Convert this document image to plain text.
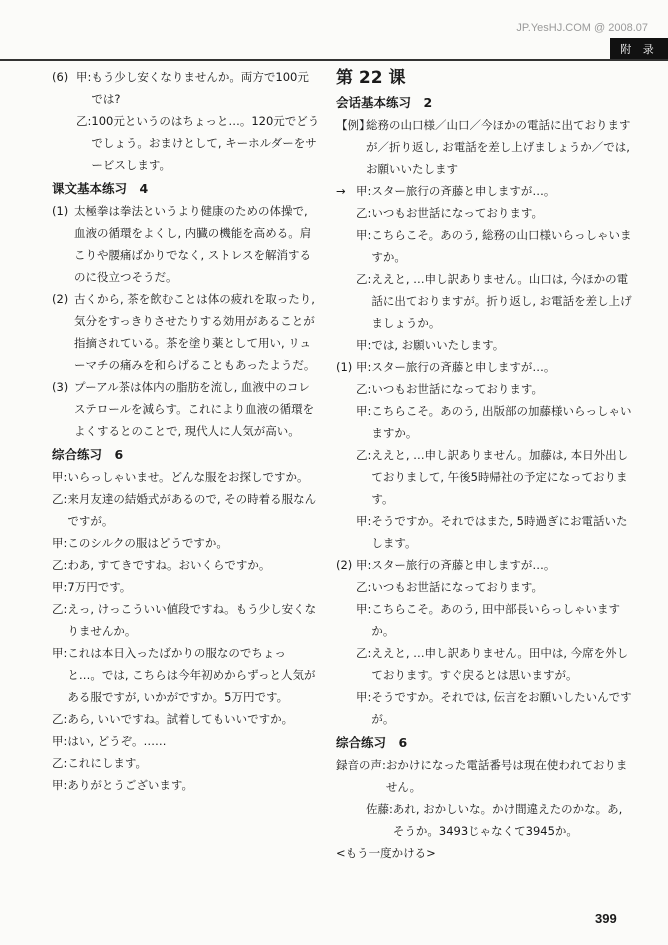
JP.YesHJ.COM @ 2008.07
附 录
(6) 甲: もう少し安くなりませんか。両方で100元では?
乙: 100元というのはちょっと…。120元でどうでしょう。おまけとして, キーホルダーをサービスします。
课文基本练习　4
(1) 太極拳は拳法というより健康のための体操で, 血液の循環をよくし, 内臓の機能を高める。肩こりや腰痛ばかりでなく, ストレスを解消するのに役立つそうだ。
(2) 古くから, 茶を飲むことは体の疲れを取ったり, 気分をすっきりさせたりする効用があることが指摘されている。茶を塗り薬として用い, リューマチの痛みを和らげることもあったようだ。
(3) プーアル茶は体内の脂肪を流し, 血液中のコレステロールを減らす。これにより血液の循環をよくするとのことで, 現代人に人気が高い。
综合练习　6
甲: いらっしゃいませ。どんな服をお探しですか。
乙: 来月友達の結婚式があるので, その時着る服なんですが。
甲: このシルクの服はどうですか。
乙: わあ, すてきですね。おいくらですか。
甲: 7万円です。
乙: えっ, けっこういい値段ですね。もう少し安くなりませんか。
甲: これは本日入ったばかりの服なのでちょっと…。では, こちらは今年初めからずっと人気がある服ですが, いかがですか。5万円です。
乙: あら, いいですね。試着してもいいですか。
甲: はい, どうぞ。……
乙: これにします。
甲: ありがとうございます。
第 22 课
会话基本练习　2
【例】
総務の山口様／山口／今ほかの電話に出ておりますが／折り返し, お電話を差し上げましょうか／では, お願いいたします
→ 甲: スター旅行の斉藤と申しますが…。
乙: いつもお世話になっております。
甲: こちらこそ。あのう, 総務の山口様いらっしゃいますか。
乙: ええと, …申し訳ありません。山口は, 今ほかの電話に出ておりますが。折り返し, お電話を差し上げましょうか。
甲: では, お願いいたします。
(1) 甲: スター旅行の斉藤と申しますが…。
乙: いつもお世話になっております。
甲: こちらこそ。あのう, 出版部の加藤様いらっしゃいますか。
乙: ええと, …申し訳ありません。加藤は, 本日外出しておりまして, 午後5時帰社の予定になっております。
甲: そうですか。それではまた, 5時過ぎにお電話いたします。
(2) 甲: スター旅行の斉藤と申しますが…。
乙: いつもお世話になっております。
甲: こちらこそ。あのう, 田中部長いらっしゃいますか。
乙: ええと, …申し訳ありません。田中は, 今席を外しております。すぐ戻るとは思いますが。
甲: そうですか。それでは, 伝言をお願いしたいんですが。
综合练习　6
録音の声: おかけになった電話番号は現在使われておりません。
佐藤: あれ, おかしいな。かけ間違えたのかな。あ, そうか。3493じゃなくて3945か。
<もう一度かける>
399
